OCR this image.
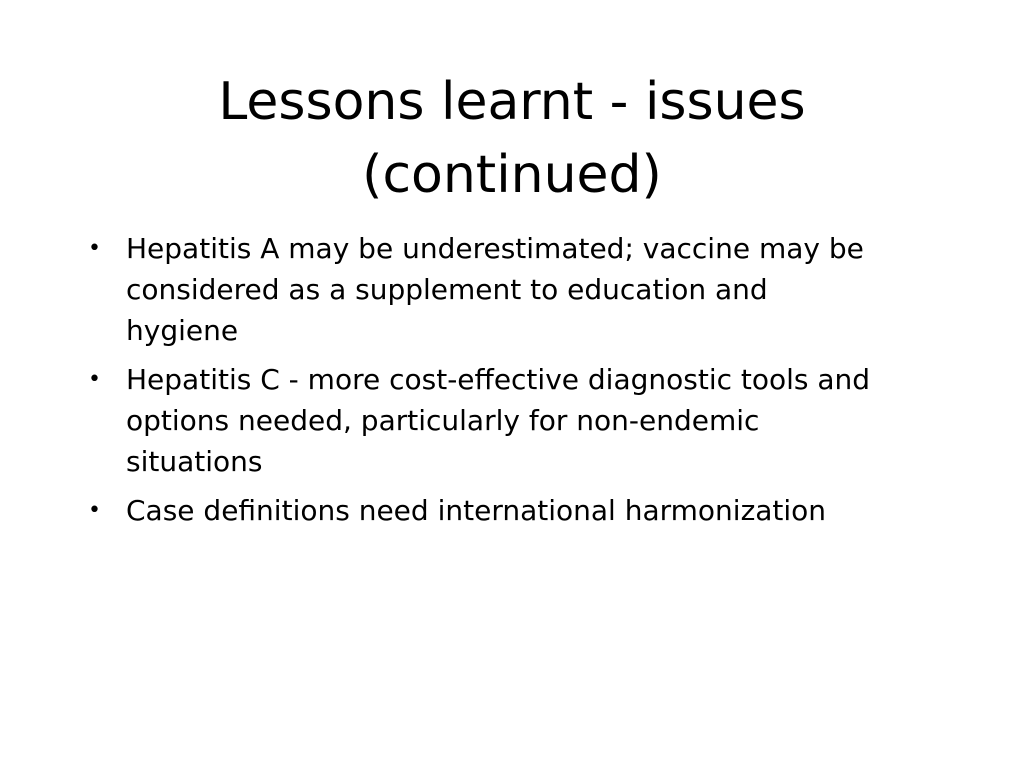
Lessons learnt - issues
(continued)
• Hepatitis A may be underestimated; vaccine may be
considered as a supplement to education and
hygiene
• Hepatitis C - more cost-effective diagnostic tools and
options needed, particularly for non-endemic
situations
• Case definitions need international harmonization
